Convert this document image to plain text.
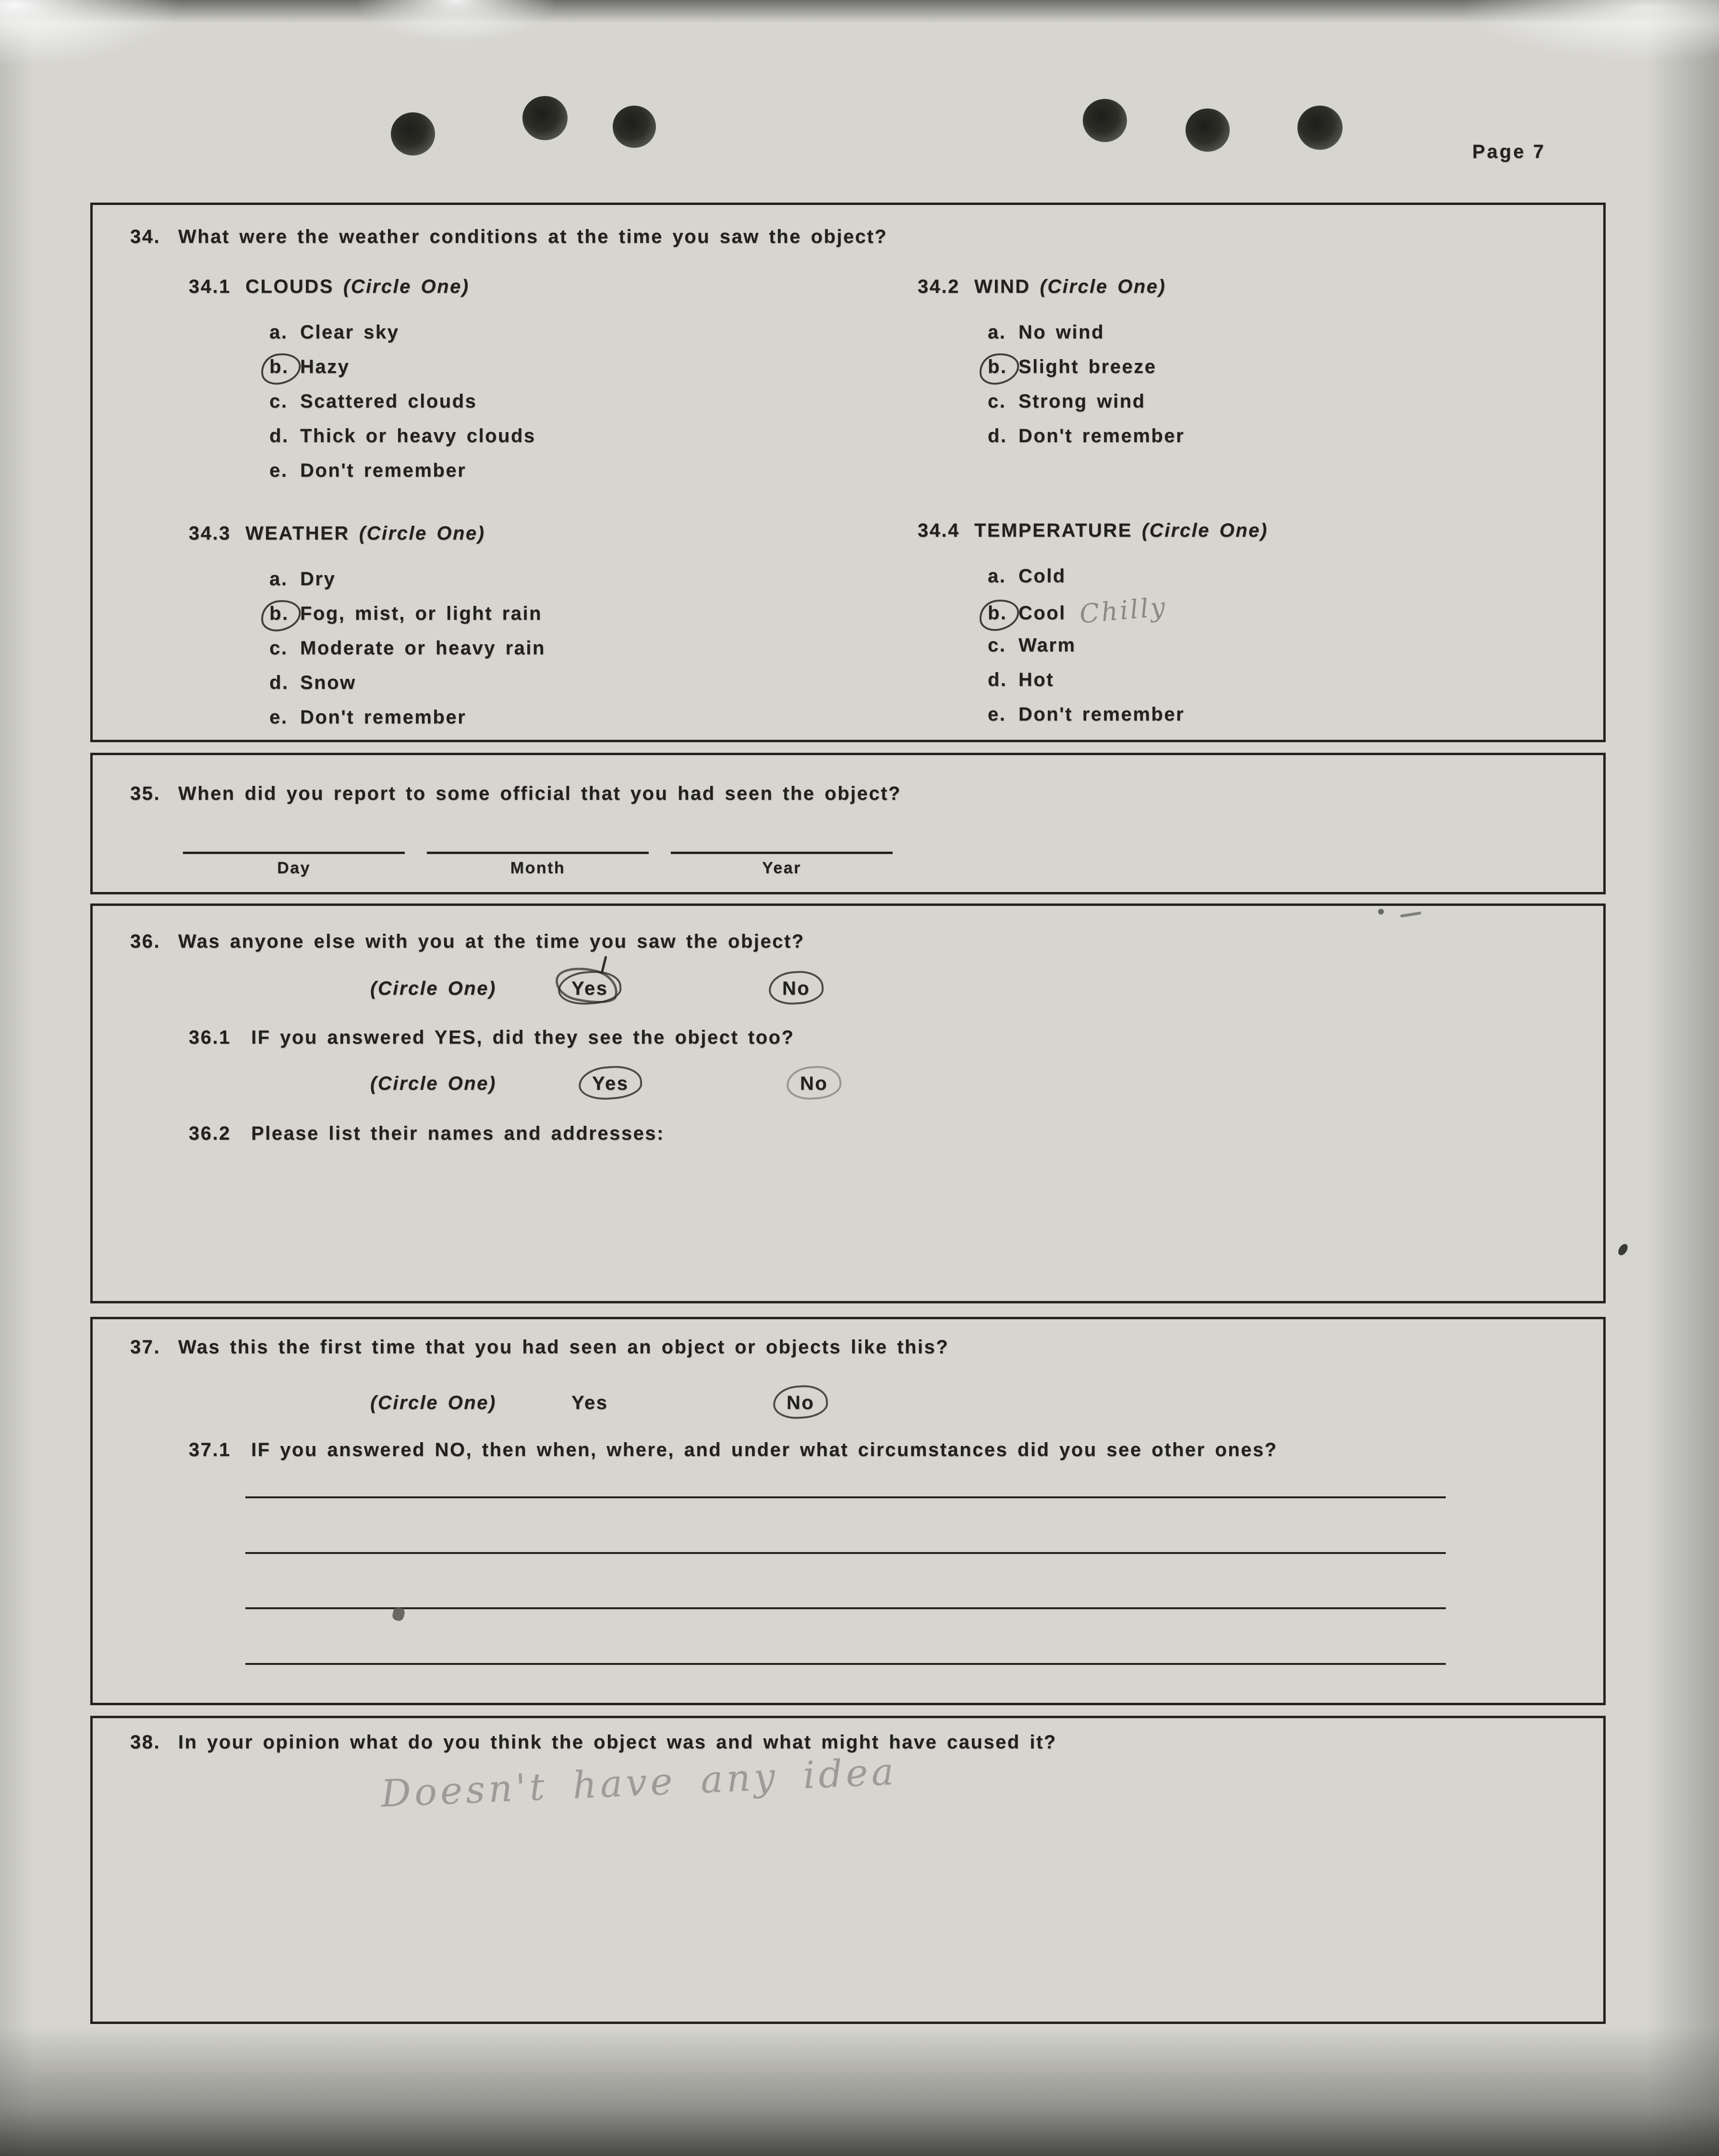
Page 7
34. What were the weather conditions at the time you saw the object?
34.1 CLOUDS (Circle One)
a. Clear sky
b. Hazy
c. Scattered clouds
d. Thick or heavy clouds
e. Don't remember
34.2 WIND (Circle One)
a. No wind
b. Slight breeze
c. Strong wind
d. Don't remember
34.3 WEATHER (Circle One)
a. Dry
b. Fog, mist, or light rain
c. Moderate or heavy rain
d. Snow
e. Don't remember
34.4 TEMPERATURE (Circle One)
a. Cold
b. Cool Chilly
c. Warm
d. Hot
e. Don't remember
35. When did you report to some official that you had seen the object?
Day	Month	Year
36. Was anyone else with you at the time you saw the object?
(Circle One)	Yes	No
36.1 IF you answered YES, did they see the object too?
(Circle One)	Yes	No
36.2 Please list their names and addresses:
37. Was this the first time that you had seen an object or objects like this?
(Circle One)	Yes	No
37.1 IF you answered NO, then when, where, and under what circumstances did you see other ones?
38. In your opinion what do you think the object was and what might have caused it?
Doesn't have any idea
